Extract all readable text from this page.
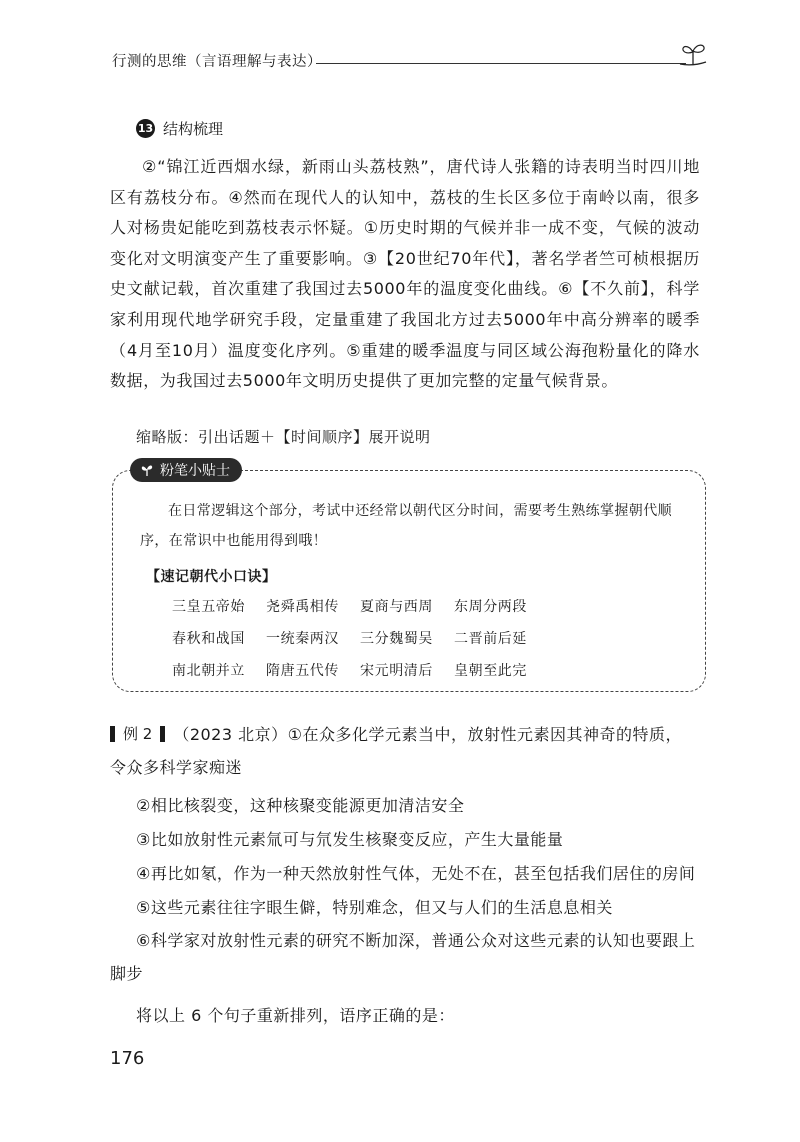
行测的思维（言语理解与表达）
13 结构梳理
②“锦江近西烟水绿，新雨山头荔枝熟”，唐代诗人张籍的诗表明当时四川地区有荔枝分布。④然而在现代人的认知中，荔枝的生长区多位于南岭以南，很多人对杨贵妃能吃到荔枝表示怀疑。①历史时期的气候并非一成不变，气候的波动变化对文明演变产生了重要影响。③【20世纪70年代】，著名学者竺可桢根据历史文献记载，首次重建了我国过去5000年的温度变化曲线。⑥【不久前】，科学家利用现代地学研究手段，定量重建了我国北方过去5000年中高分辨率的暖季（4月至10月）温度变化序列。⑤重建的暖季温度与同区域公海孢粉量化的降水数据，为我国过去5000年文明历史提供了更加完整的定量气候背景。
缩略版：引出话题＋【时间顺序】展开说明
粉笔小贴士
在日常逻辑这个部分，考试中还经常以朝代区分时间，需要考生熟练掌握朝代顺序，在常识中也能用得到哦！
【速记朝代小口诀】
三皇五帝始	尧舜禹相传	夏商与西周	东周分两段
春秋和战国	一统秦两汉	三分魏蜀吴	二晋前后延
南北朝并立	隋唐五代传	宋元明清后	皇朝至此完
例 2 （2023 北京）①在众多化学元素当中，放射性元素因其神奇的特质，
令众多科学家痴迷
②相比核裂变，这种核聚变能源更加清洁安全
③比如放射性元素氚可与氘发生核聚变反应，产生大量能量
④再比如氡，作为一种天然放射性气体，无处不在，甚至包括我们居住的房间
⑤这些元素往往字眼生僻，特别难念，但又与人们的生活息息相关
⑥科学家对放射性元素的研究不断加深，普通公众对这些元素的认知也要跟上脚步
将以上 6 个句子重新排列，语序正确的是：
176
